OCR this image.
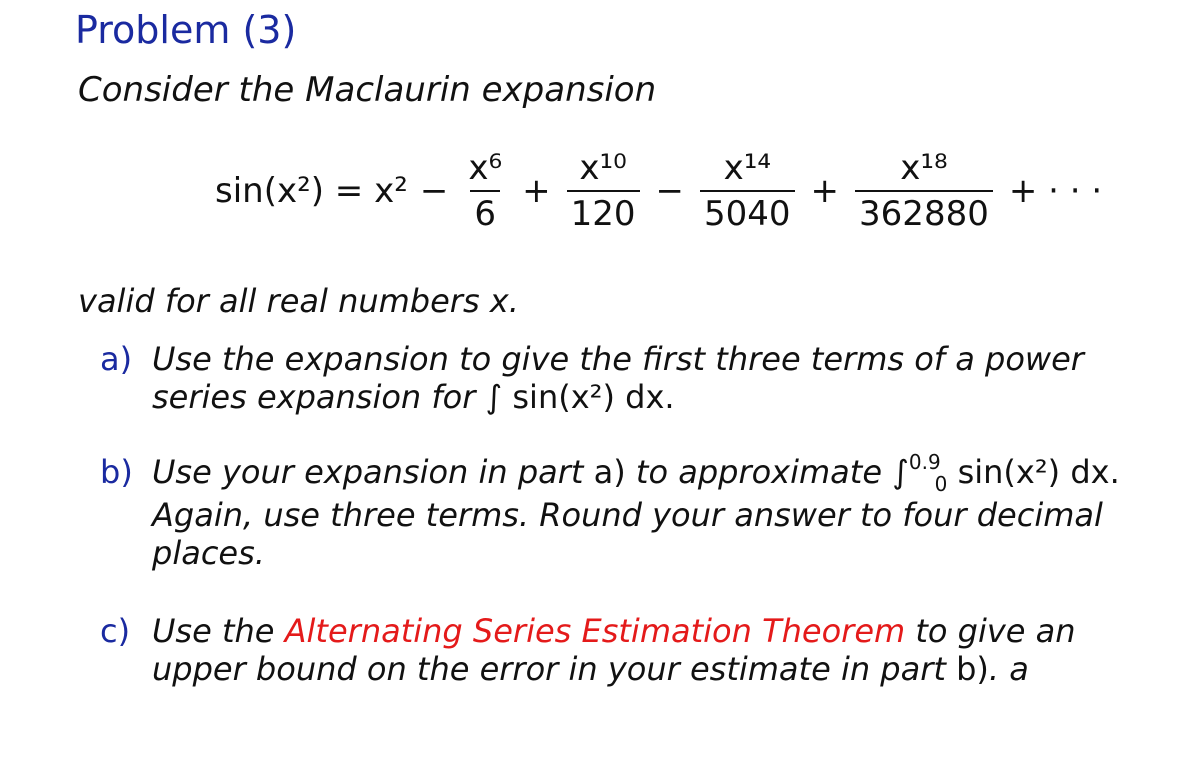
Problem (3)
Consider the Maclaurin expansion
$\sin(x^2) = x^2 - \frac{\text{x⁶}}{6} + \frac{\text{x¹⁰}}{120} - \frac{\text{x¹⁴}}{5040} + \frac{\text{x¹⁸}}{362880}$ + · · ·
valid for all real numbers x.
a) Use the expansion to give the first three terms of a power
series expansion for ∫ sin(x²) dx.
b) Use your expansion in part a) to approximate ∫$^{0.9}_0$ sin(x²) dx.
Again, use three terms. Round your answer to four decimal
places.
c) Use the Alternating Series Estimation Theorem to give an
upper bound on the error in your estimate in part b). a
